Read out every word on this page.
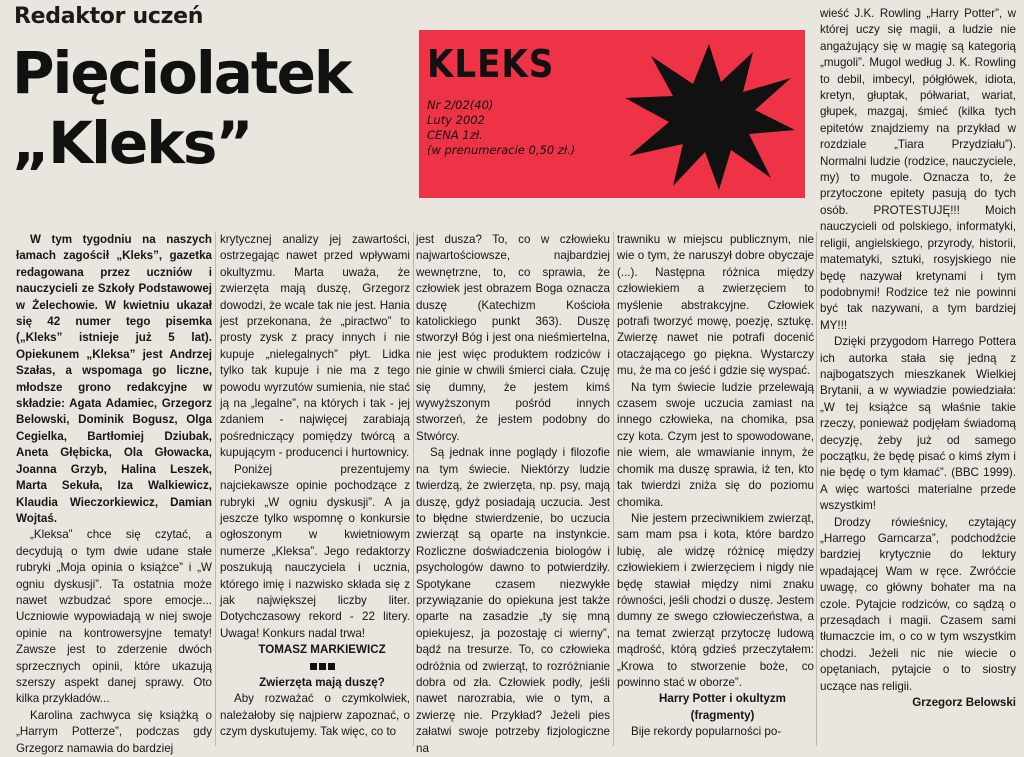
Redaktor uczeń
Pięciolatek
„Kleks”
KLEKS
Nr 2/02(40)
Luty 2002
CENA 1zł.
(w prenumeracie 0,50 zł.)

W tym tygodniu na naszych łamach zagościł „Kleks”, gazetka redagowana przez uczniów i nauczycieli ze Szkoły Podstawowej w Żelechowie. W kwietniu ukazał się 42 numer tego pisemka („Kleks” istnieje już 5 lat). Opiekunem „Kleksa” jest Andrzej Szałas, a wspomaga go liczne, młodsze grono redakcyjne w składzie: Agata Adamiec, Grzegorz Belowski, Dominik Bogusz, Olga Cegielka, Bartłomiej Dziubak, Aneta Głębicka, Ola Głowacka, Joanna Grzyb, Halina Leszek, Marta Sekuła, Iza Walkiewicz, Klaudia Wieczorkiewicz, Damian Wojtaś.

„Kleksa” chce się czytać, a decydują o tym dwie udane stałe rubryki „Moja opinia o książce” i „W ogniu dyskusji”. Ta ostatnia może nawet wzbudzać spore emocje... Uczniowie wypowiadają w niej swoje opinie na kontrowersyjne tematy! Zawsze jest to zderzenie dwóch sprzecznych opinii, które ukazują szerszy aspekt danej sprawy. Oto kilka przykładów...

Karolina zachwyca się książką o „Harrym Potterze”, podczas gdy Grzegorz namawia do bardziej

krytycznej analizy jej zawartości, ostrzegając nawet przed wpływami okultyzmu. Marta uważa, że zwierzęta mają duszę, Grzegorz dowodzi, że wcale tak nie jest. Hania jest przekonana, że „piractwo” to prosty zysk z pracy innych i nie kupuje „nielegalnych” płyt. Lidka tylko tak kupuje i nie ma z tego powodu wyrzutów sumienia, nie stać ją na „legalne”, na których i tak - jej zdaniem - najwięcej zarabiają pośredniczący pomiędzy twórcą a kupującym - producenci i hurtownicy.

Poniżej prezentujemy najciekawsze opinie pochodzące z rubryki „W ogniu dyskusji”. A ja jeszcze tylko wspomnę o konkursie ogłoszonym w kwietniowym numerze „Kleksa”. Jego redaktorzy poszukują nauczyciela i ucznia, którego imię i nazwisko składa się z jak największej liczby liter. Dotychczasowy rekord - 22 litery. Uwaga! Konkurs nadal trwa!

TOMASZ MARKIEWICZ

Zwierzęta mają duszę?

Aby rozważać o czymkolwiek, należałoby się najpierw zapoznać, o czym dyskutujemy. Tak więc, co to

jest dusza? To, co w człowieku najwartościowsze, najbardziej wewnętrzne, to, co sprawia, że człowiek jest obrazem Boga oznacza duszę (Katechizm Kościoła katolickiego punkt 363). Duszę stworzył Bóg i jest ona nieśmiertelna, nie jest więc produktem rodziców i nie ginie w chwili śmierci ciała. Czuję się dumny, że jestem kimś wywyższonym pośród innych stworzeń, że jestem podobny do Stwórcy.

Są jednak inne poglądy i filozofie na tym świecie. Niektórzy ludzie twierdzą, że zwierzęta, np. psy, mają duszę, gdyż posiadają uczucia. Jest to błędne stwierdzenie, bo uczucia zwierząt są oparte na instynkcie. Rozliczne doświadczenia biologów i psychologów dawno to potwierdziły. Spotykane czasem niezwykłe przywiązanie do opiekuna jest także oparte na zasadzie „ty się mną opiekujesz, ja pozostaję ci wierny”, bądź na tresurze. To, co człowieka odróżnia od zwierząt, to rozróżnianie dobra od zła. Człowiek podły, jeśli nawet narozrabia, wie o tym, a zwierzę nie. Przykład? Jeżeli pies załatwi swoje potrzeby fizjologiczne na

trawniku w miejscu publicznym, nie wie o tym, że naruszył dobre obyczaje (...). Następna różnica między człowiekiem a zwierzęciem to myślenie abstrakcyjne. Człowiek potrafi tworzyć mowę, poezję, sztukę. Zwierzę nawet nie potrafi docenić otaczającego go piękna. Wystarczy mu, że ma co jeść i gdzie się wyspać.

Na tym świecie ludzie przelewają czasem swoje uczucia zamiast na innego człowieka, na chomika, psa czy kota. Czym jest to spowodowane, nie wiem, ale wmawianie innym, że chomik ma duszę sprawia, iż ten, kto tak twierdzi zniża się do poziomu chomika.

Nie jestem przeciwnikiem zwierząt, sam mam psa i kota, które bardzo lubię, ale widzę różnicę między człowiekiem i zwierzęciem i nigdy nie będę stawiał między nimi znaku równości, jeśli chodzi o duszę. Jestem dumny ze swego człowieczeństwa, a na temat zwierząt przytoczę ludową mądrość, którą gdzieś przeczytałem: „Krowa to stworzenie boże, co powinno stać w oborze”.

Harry Potter i okultyzm

(fragmenty)

Bije rekordy popularności po-

wieść J.K. Rowling „Harry Potter”, w której uczy się magii, a ludzie nie angażujący się w magię są kategorią „mugoli”. Mugol według J. K. Rowling to debil, imbecyl, półgłówek, idiota, kretyn, głuptak, półwariat, wariat, głupek, mazgaj, śmieć (kilka tych epitetów znajdziemy na przykład w rozdziale „Tiara Przydziału”). Normalni ludzie (rodzice, nauczyciele, my) to mugole. Oznacza to, że przytoczone epitety pasują do tych osób. PROTESTUJĘ!!! Moich nauczycieli od polskiego, informatyki, religii, angielskiego, przyrody, historii, matematyki, sztuki, rosyjskiego nie będę nazywał kretynami i tym podobnymi! Rodzice też nie powinni być tak nazywani, a tym bardziej MY!!!

Dzięki przygodom Harrego Pottera ich autorka stała się jedną z najbogatszych mieszkanek Wielkiej Brytanii, a w wywiadzie powiedziała: „W tej książce są właśnie takie rzeczy, ponieważ podjęłam świadomą decyzję, żeby już od samego początku, że będę pisać o kimś złym i nie będę o tym kłamać”. (BBC 1999). A więc wartości materialne przede wszystkim!

Drodzy rówieśnicy, czytający „Harrego Garncarza”, podchodźcie bardziej krytycznie do lektury wpadającej Wam w ręce. Zwróćcie uwagę, co główny bohater ma na czole. Pytajcie rodziców, co sądzą o przesądach i magii. Czasem sami tłumaczcie im, o co w tym wszystkim chodzi. Jeżeli nic nie wiecie o opętaniach, pytajcie o to siostry uczące nas religii.

Grzegorz Belowski
